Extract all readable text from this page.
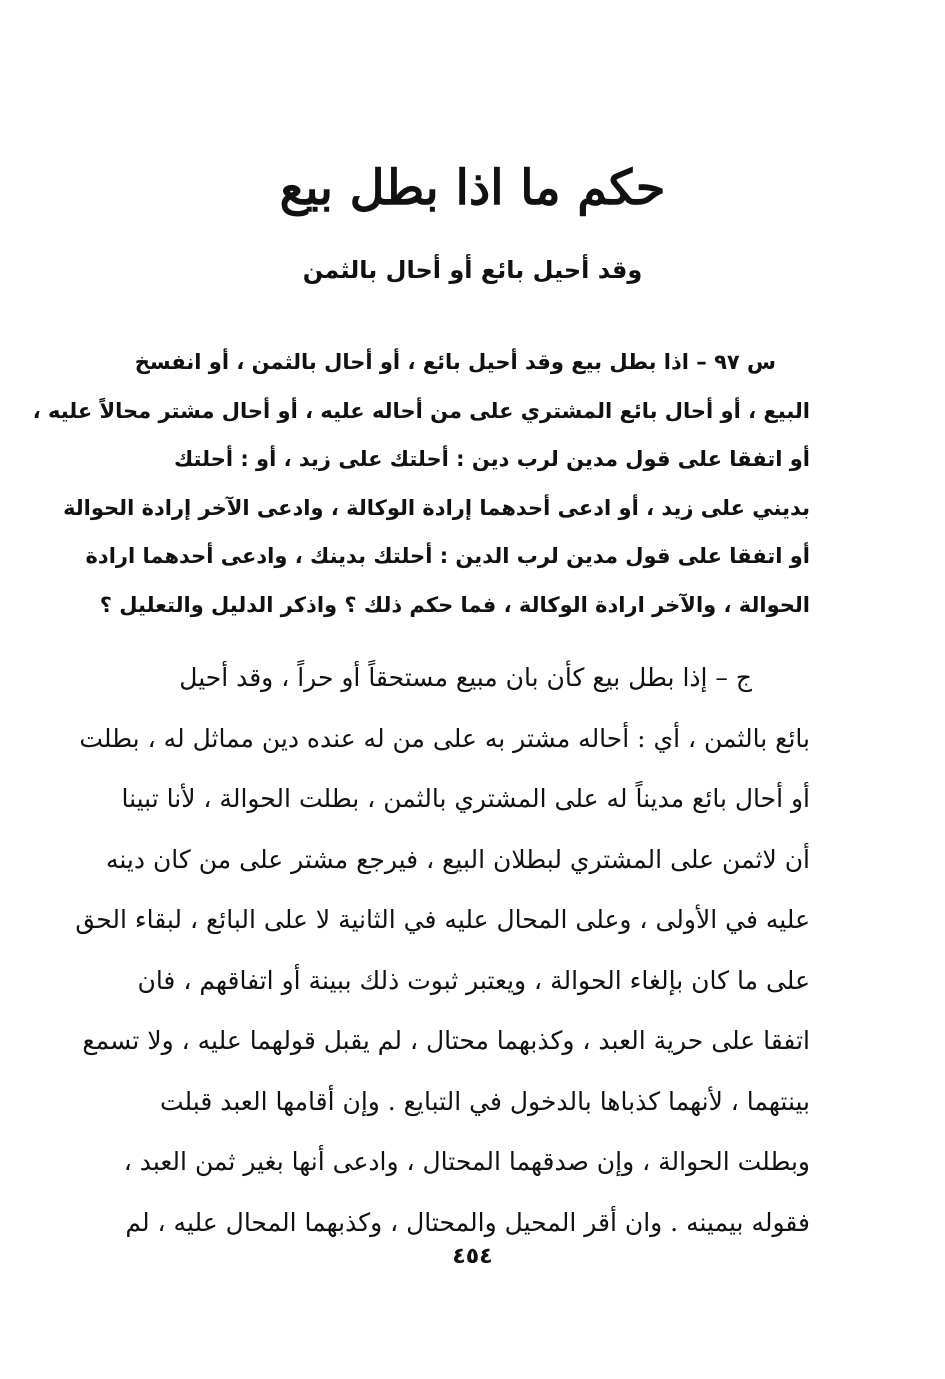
حكم ما اذا بطل بيع
وقد أحيل بائع أو أحال بالثمن

س ٩٧ – اذا بطل بيع وقد أحيل بائع ، أو أحال بالثمن ، أو انفسخ
البيع ، أو أحال بائع المشتري على من أحاله عليه ، أو أحال مشتر محالاً عليه ،
أو اتفقا على قول مدين لرب دين : أحلتك على زيد ، أو : أحلتك
بديني على زيد ، أو ادعى أحدهما إرادة الوكالة ، وادعى الآخر إرادة الحوالة
أو اتفقا على قول مدين لرب الدين : أحلتك بدينك ، وادعى أحدهما ارادة
الحوالة ، والآخر ارادة الوكالة ، فما حكم ذلك ؟ واذكر الدليل والتعليل ؟

ج – إذا بطل بيع كأن بان مبيع مستحقاً أو حراً ، وقد أحيل
بائع بالثمن ، أي : أحاله مشتر به على من له عنده دين مماثل له ، بطلت
أو أحال بائع مديناً له على المشتري بالثمن ، بطلت الحوالة ، لأنا تبينا
أن لاثمن على المشتري لبطلان البيع ، فيرجع مشتر على من كان دينه
عليه في الأولى ، وعلى المحال عليه في الثانية لا على البائع ، لبقاء الحق
على ما كان بإلغاء الحوالة ، ويعتبر ثبوت ذلك ببينة أو اتفاقهم ، فان
اتفقا على حرية العبد ، وكذبهما محتال ، لم يقبل قولهما عليه ، ولا تسمع
بينتهما ، لأنهما كذباها بالدخول في التبايع . وإن أقامها العبد قبلت
وبطلت الحوالة ، وإن صدقهما المحتال ، وادعى أنها بغير ثمن العبد ،
فقوله بيمينه . وان أقر المحيل والمحتال ، وكذبهما المحال عليه ، لم

٤٥٤
